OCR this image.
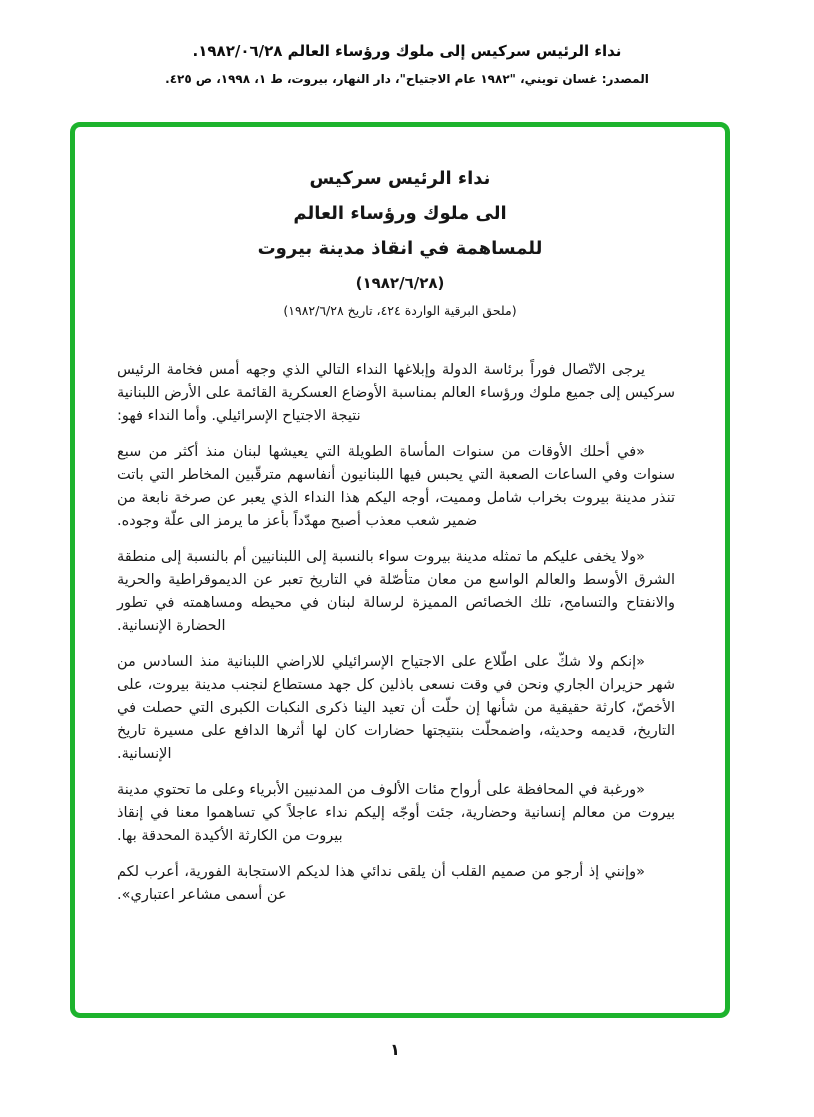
نداء الرئيس سركيس إلى ملوك ورؤساء العالم ١٩٨٢/٠٦/٢٨.
المصدر: غسان تويني، "١٩٨٢ عام الاجتياح"، دار النهار، بيروت، ط ١، ١٩٩٨، ص ٤٢٥.
نداء الرئيس سركيس
الى ملوك ورؤساء العالم
للمساهمة في انقاذ مدينة بيروت
(١٩٨٢/٦/٢٨)
(ملحق البرقية الواردة ٤٢٤، تاريخ ١٩٨٢/٦/٢٨)

يرجى الاتّصال فوراً برئاسة الدولة وإبلاغها النداء التالي الذي وجهه أمس فخامة الرئيس سركيس إلى جميع ملوك ورؤساء العالم بمناسبة الأوضاع العسكرية القائمة على الأرض اللبنانية نتيجة الاجتياح الإسرائيلي. وأما النداء فهو:

«في أحلك الأوقات من سنوات المأساة الطويلة التي يعيشها لبنان منذ أكثر من سبع سنوات وفي الساعات الصعبة التي يحبس فيها اللبنانيون أنفاسهم مترقّبين المخاطر التي باتت تنذر مدينة بيروت بخراب شامل ومميت، أوجه اليكم هذا النداء الذي يعبر عن صرخة نابعة من ضمير شعب معذب أصبح مهدّداً بأعز ما يرمز الى علّة وجوده.

«ولا يخفى عليكم ما تمثله مدينة بيروت سواء بالنسبة إلى اللبنانيين أم بالنسبة إلى منطقة الشرق الأوسط والعالم الواسع من معان متأصّلة في التاريخ تعبر عن الديموقراطية والحرية والانفتاح والتسامح، تلك الخصائص المميزة لرسالة لبنان في محيطه ومساهمته في تطور الحضارة الإنسانية.

«إنكم ولا شكّ على اطّلاع على الاجتياح الإسرائيلي للاراضي اللبنانية منذ السادس من شهر حزيران الجاري ونحن في وقت نسعى باذلين كل جهد مستطاع لنجنب مدينة بيروت، على الأخصّ، كارثة حقيقية من شأنها إن حلّت أن تعيد الينا ذكرى النكبات الكبرى التي حصلت في التاريخ، قديمه وحديثه، واضمحلّت بنتيجتها حضارات كان لها أثرها الدافع على مسيرة تاريخ الإنسانية.

«ورغبة في المحافظة على أرواح مئات الألوف من المدنيين الأبرياء وعلى ما تحتوي مدينة بيروت من معالم إنسانية وحضارية، جئت أوجّه إليكم نداء عاجلاً كي تساهموا معنا في إنقاذ بيروت من الكارثة الأكيدة المحدقة بها.

«وإنني إذ أرجو من صميم القلب أن يلقى ندائي هذا لديكم الاستجابة الفورية، أعرب لكم عن أسمى مشاعر اعتباري».

١
